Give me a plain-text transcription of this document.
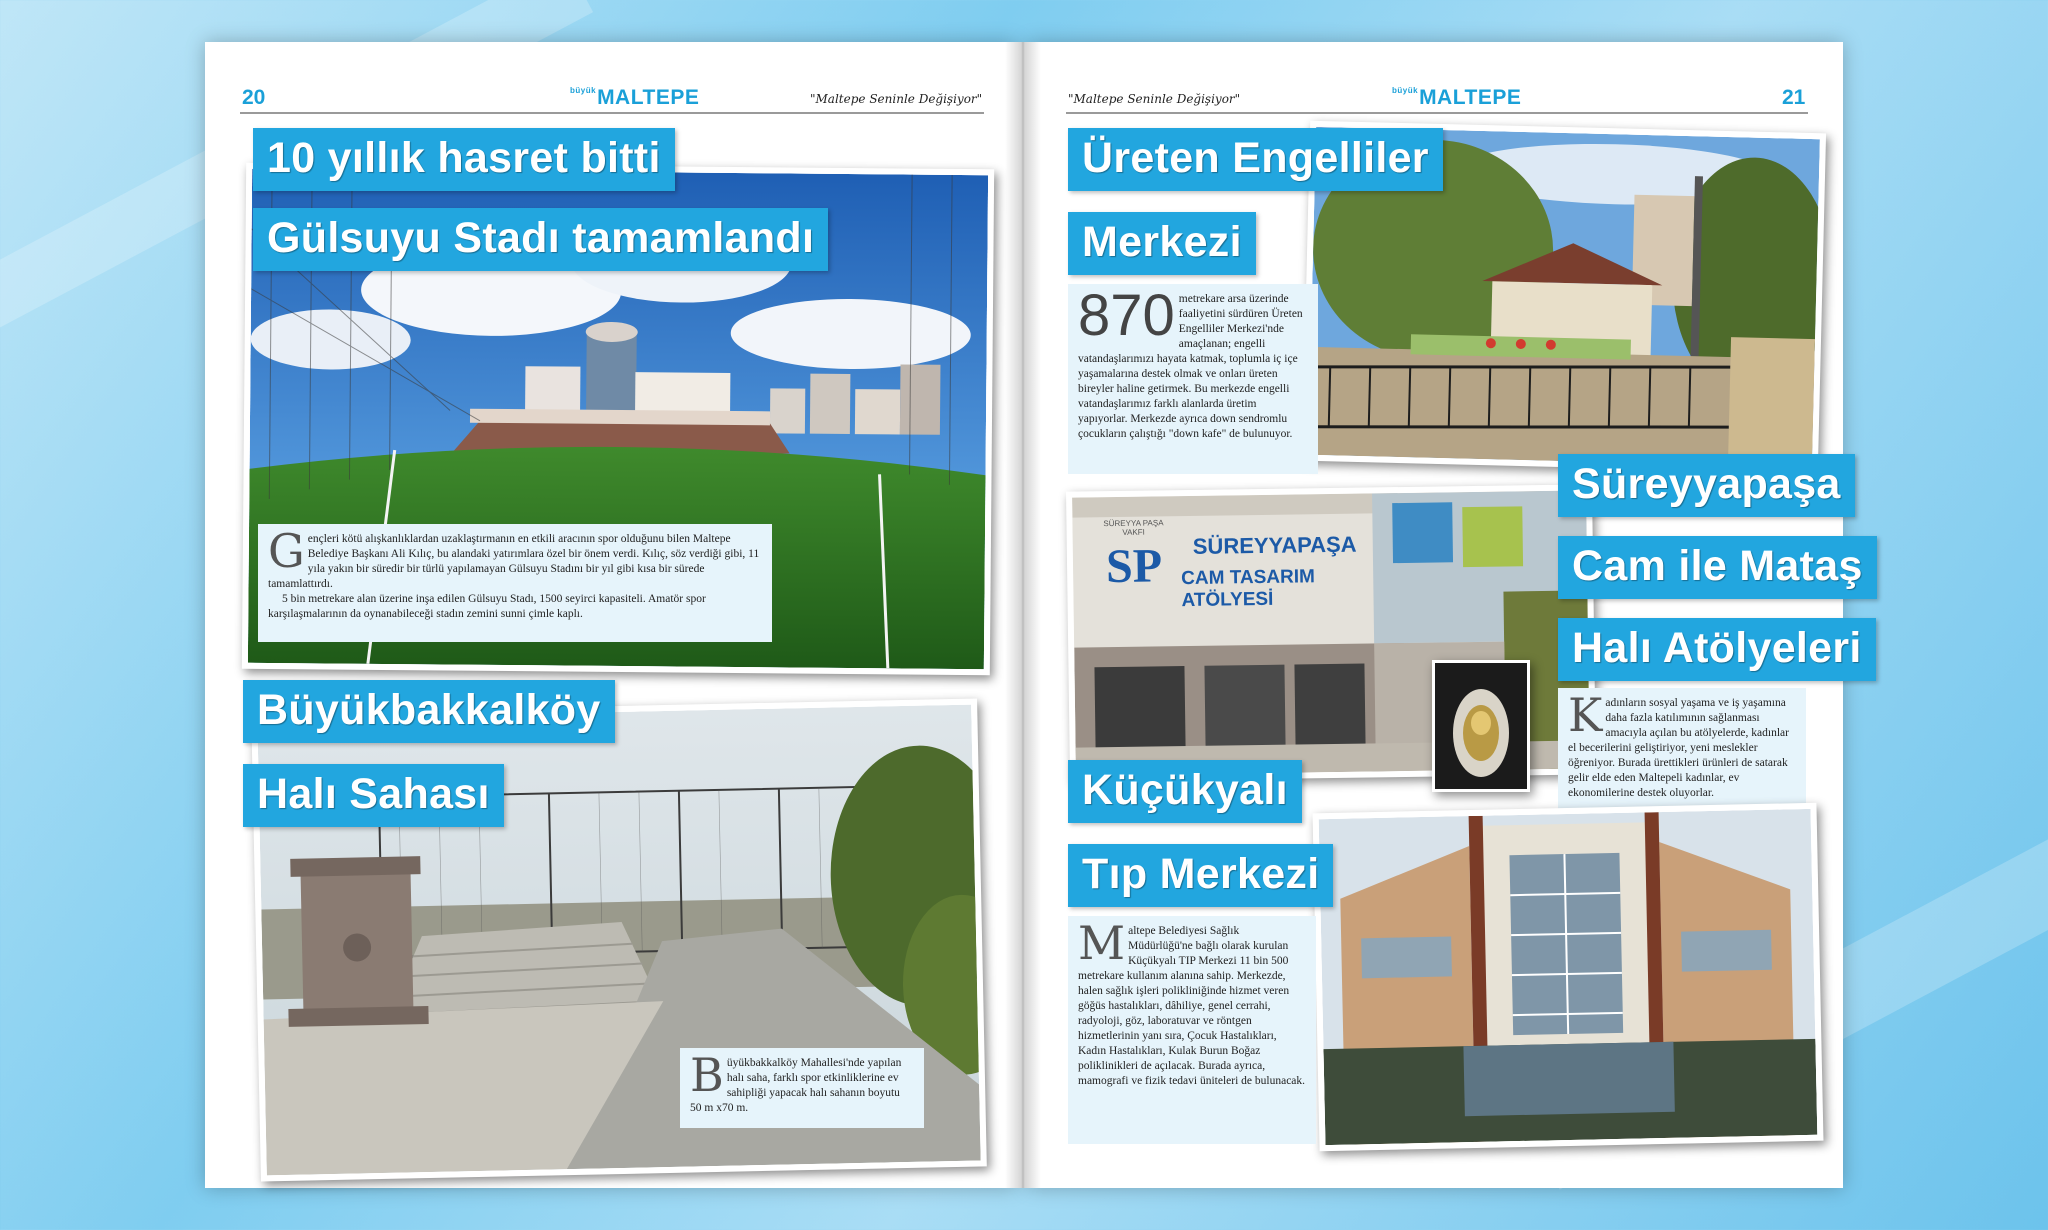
20	$^{büyük}$MALTEPE	"Maltepe Seninle Değişiyor"	"Maltepe Seninle Değişiyor"
$^{büyük}$MALTEPE	21
10 yıllık hasret bitti
Gülsuyu Stadı tamamlandı
G ençleri kötü alışkanlıklardan uzaklaştırmanın en etkili aracının spor olduğunu bilen Maltepe Belediye Başkanı Ali Kılıç, bu alandaki yatırımlara özel bir önem verdi. Kılıç, söz verdiği gibi, 11 yıla yakın bir süredir bir türlü yapılamayan Gülsuyu Stadını bir yıl gibi kısa bir sürede tamamlattırdı.
5 bin metrekare alan üzerine inşa edilen Gülsuyu Stadı, 1500 seyirci kapasiteli. Amatör spor karşılaşmalarının da oynanabileceği stadın zemini sunni çimle kaplı.
Büyükbakkalköy
Halı Sahası
B üyükbakkalköy Mahallesi'nde yapılan halı saha, farklı spor etkinliklerine ev sahipliği yapacak halı sahanın boyutu 50 m x70 m.
Üreten Engelliler
Merkezi
870 metrekare arsa üzerinde faaliyetini sürdüren Üreten Engelliler Merkezi'nde amaçlanan; engelli vatandaşlarımızı hayata katmak, toplumla iç içe yaşamalarına destek olmak ve onları üreten bireyler haline getirmek. Bu merkezde engelli vatandaşlarımız farklı alanlarda üretim yapıyorlar. Merkezde ayrıca down sendromlu çocukların çalıştığı "down kafe" de bulunuyor.
SÜREYYA PAŞA VAKFI
SP	SÜREYYAPAŞA
CAM TASARIM ATÖLYESİ
Süreyyapaşa
Cam ile Mataş
Halı Atölyeleri
K adınların sosyal yaşama ve iş yaşamına daha fazla katılımının sağlanması amacıyla açılan bu atölyelerde, kadınlar el becerilerini geliştiriyor, yeni meslekler öğreniyor. Burada ürettikleri ürünleri de satarak gelir elde eden Maltepeli kadınlar, ev ekonomilerine destek oluyorlar.
Küçükyalı
Tıp Merkezi
M altepe Belediyesi Sağlık Müdürlüğü'ne bağlı olarak kurulan Küçükyalı TIP Merkezi 11 bin 500 metrekare kullanım alanına sahip. Merkezde, halen sağlık işleri polikliniğinde hizmet veren göğüs hastalıkları, dâhiliye, genel cerrahi, radyoloji, göz, laboratuvar ve röntgen hizmetlerinin yanı sıra, Çocuk Hastalıkları, Kadın Hastalıkları, Kulak Burun Boğaz poliklinikleri de açılacak. Burada ayrıca, mamografi ve fizik tedavi üniteleri de bulunacak.
